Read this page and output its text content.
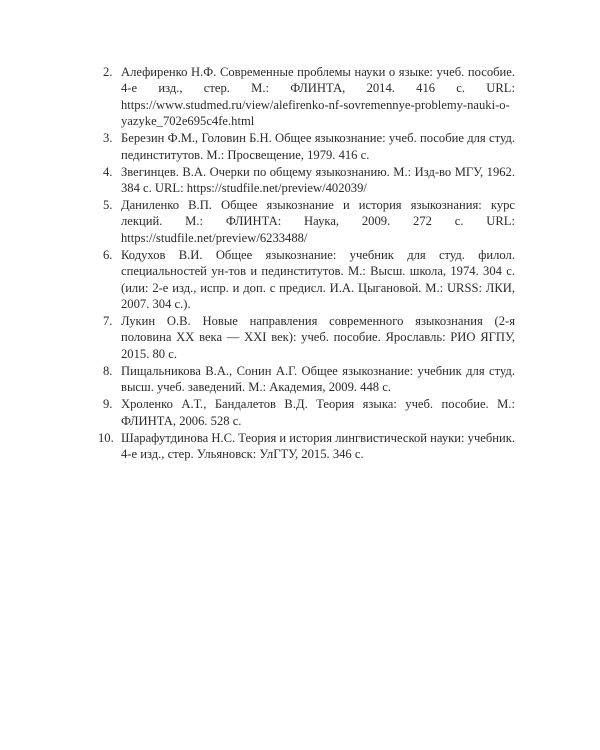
2. Алефиренко Н.Ф. Современные проблемы науки о языке: учеб. пособие. 4-е изд., стер. М.: ФЛИНТА, 2014. 416 с. URL: https://www.studmed.ru/view/alefirenko-nf-sovremennye-problemy-nauki-o-yazyke_702e695c4fe.html
3. Березин Ф.М., Головин Б.Н. Общее языкознание: учеб. пособие для студ. пединститутов. М.: Просвещение, 1979. 416 с.
4. Звегинцев. В.А. Очерки по общему языкознанию. М.: Изд-во МГУ, 1962. 384 с. URL: https://studfile.net/preview/402039/
5. Даниленко В.П. Общее языкознание и история языкознания: курс лекций. М.: ФЛИНТА: Наука, 2009. 272 с. URL: https://studfile.net/preview/6233488/
6. Кодухов В.И. Общее языкознание: учебник для студ. филол. специальностей ун-тов и пединститутов. М.: Высш. школа, 1974. 304 с. (или: 2-е изд., испр. и доп. с предисл. И.А. Цыгановой. М.: URSS: ЛКИ, 2007. 304 с.).
7. Лукин О.В. Новые направления современного языкознания (2-я половина XX века — XXI век): учеб. пособие. Ярославль: РИО ЯГПУ, 2015. 80 с.
8. Пищальникова В.А., Сонин А.Г. Общее языкознание: учебник для студ. высш. учеб. заведений. М.: Академия, 2009. 448 с.
9. Хроленко А.Т., Бандалетов В.Д. Теория языка: учеб. пособие. М.: ФЛИНТА, 2006. 528 с.
10. Шарафутдинова Н.С. Теория и история лингвистической науки: учебник. 4-е изд., стер. Ульяновск: УлГТУ, 2015. 346 с.
